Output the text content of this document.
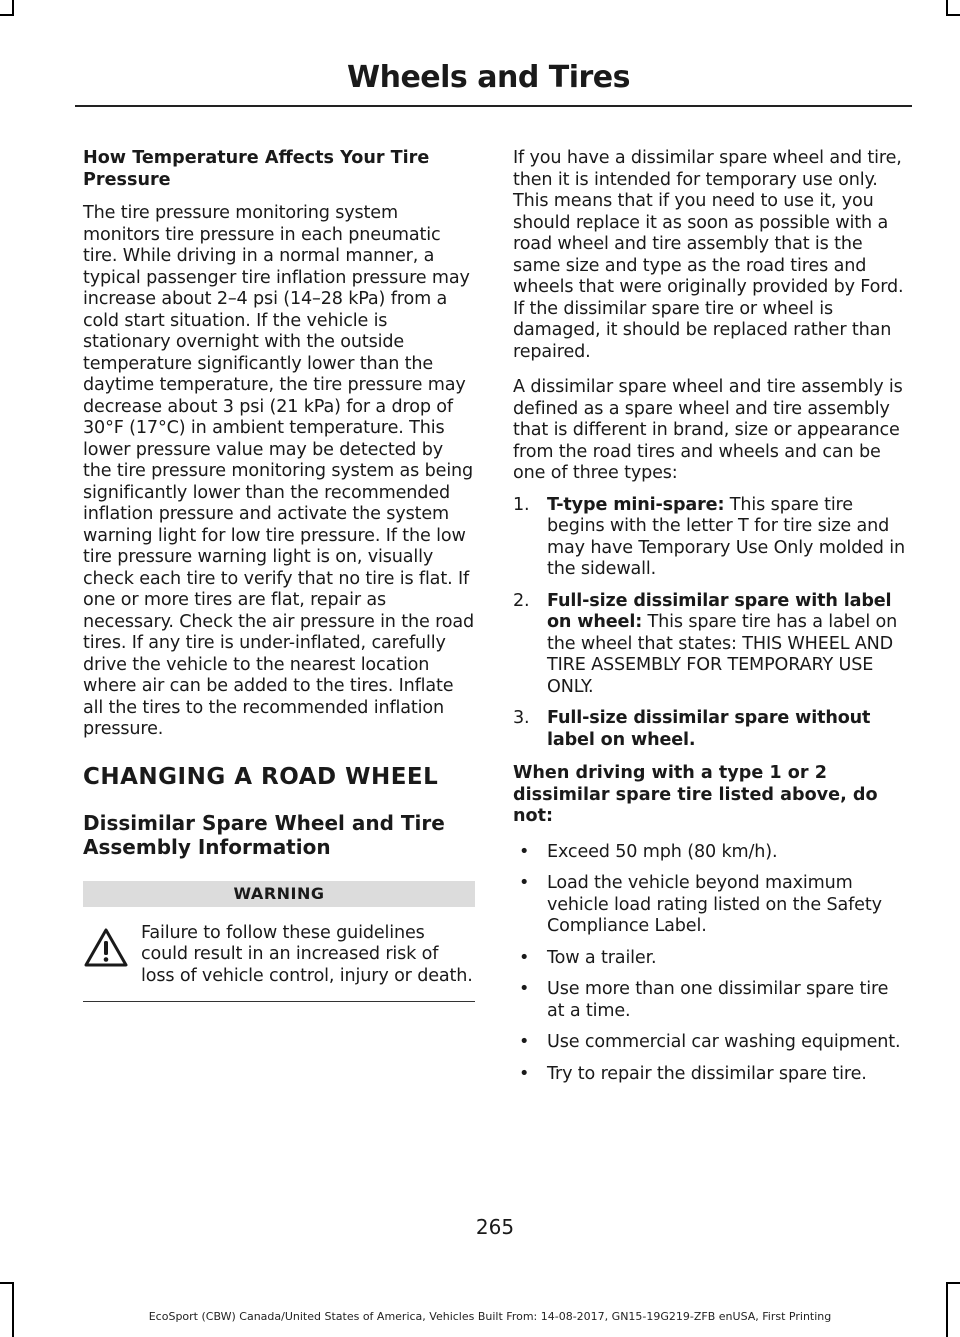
Wheels and Tires
How Temperature Affects Your Tire Pressure

The tire pressure monitoring system monitors tire pressure in each pneumatic tire. While driving in a normal manner, a typical passenger tire inflation pressure may increase about 2–4 psi (14–28 kPa) from a cold start situation. If the vehicle is stationary overnight with the outside temperature significantly lower than the daytime temperature, the tire pressure may decrease about 3 psi (21 kPa) for a drop of 30°F (17°C) in ambient temperature. This lower pressure value may be detected by the tire pressure monitoring system as being significantly lower than the recommended inflation pressure and activate the system warning light for low tire pressure. If the low tire pressure warning light is on, visually check each tire to verify that no tire is flat. If one or more tires are flat, repair as necessary. Check the air pressure in the road tires. If any tire is under-inflated, carefully drive the vehicle to the nearest location where air can be added to the tires. Inflate all the tires to the recommended inflation pressure.

CHANGING A ROAD WHEEL
Dissimilar Spare Wheel and Tire Assembly Information
WARNING
Failure to follow these guidelines could result in an increased risk of loss of vehicle control, injury or death.

If you have a dissimilar spare wheel and tire, then it is intended for temporary use only. This means that if you need to use it, you should replace it as soon as possible with a road wheel and tire assembly that is the same size and type as the road tires and wheels that were originally provided by Ford. If the dissimilar spare tire or wheel is damaged, it should be replaced rather than repaired.

A dissimilar spare wheel and tire assembly is defined as a spare wheel and tire assembly that is different in brand, size or appearance from the road tires and wheels and can be one of three types:

1. T-type mini-spare: This spare tire begins with the letter T for tire size and may have Temporary Use Only molded in the sidewall.
2. Full-size dissimilar spare with label on wheel: This spare tire has a label on the wheel that states: THIS WHEEL AND TIRE ASSEMBLY FOR TEMPORARY USE ONLY.
3. Full-size dissimilar spare without label on wheel.
When driving with a type 1 or 2 dissimilar spare tire listed above, do not:
•	Exceed 50 mph (80 km/h).
•	Load the vehicle beyond maximum vehicle load rating listed on the Safety Compliance Label.
•	Tow a trailer.
•	Use more than one dissimilar spare tire at a time.
•	Use commercial car washing equipment.
•	Try to repair the dissimilar spare tire.
265
EcoSport (CBW) Canada/United States of America, Vehicles Built From: 14-08-2017, GN15-19G219-ZFB enUSA, First Printing
